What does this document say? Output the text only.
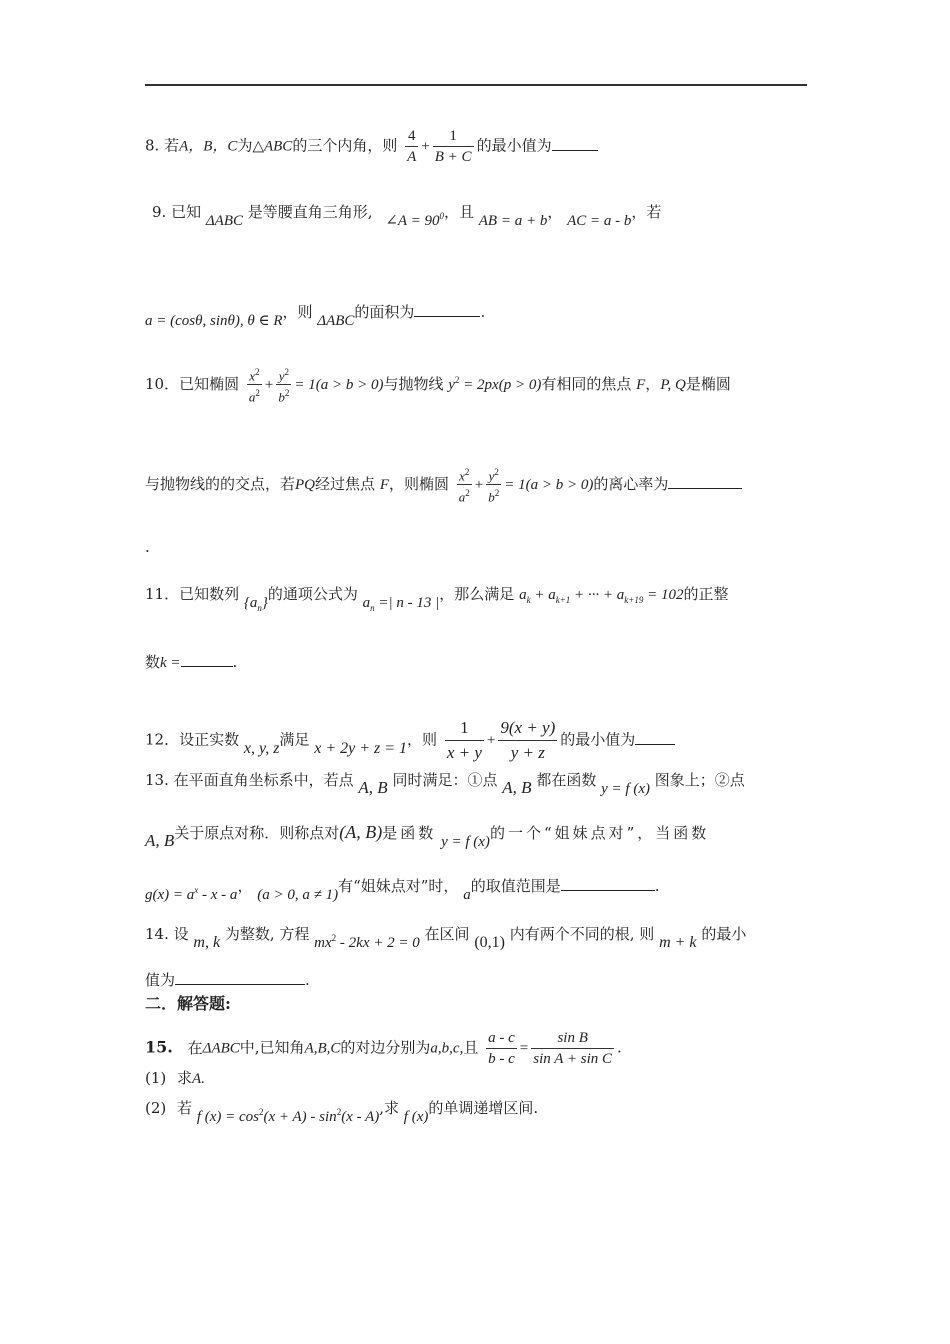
8. 若A，B，C为△ABC的三个内角，则 $\frac{4}{A} + \frac{1}{B + C}$ 的最小值为
9. 已知 ΔABC 是等腰直角三角形, ∠A = $90^0$，且 AB = a + b， AC = a - b，若
a = (cosθ, sinθ), θ ∈ R，则 ΔABC的面积为	.
10．已知椭圆 $\frac{x^2}{a^2} + \frac{y^2}{b^2} = 1(a > b > 0)$与抛物线 $y^2 = 2px(p > 0)$有相同的焦点 F，P, Q是椭圆
与抛物线的的交点，若PQ经过焦点 F，则椭圆 $\frac{x^2}{a^2} + \frac{y^2}{b^2} = 1(a > b > 0)$的离心率为
.
11．已知数列 $\{a_n\}$的通项公式为 $a_n$ =| n - 13 |，那么满足 $a_k + a_{k+1}$ + ··· + $a_{k+19} = 102$的正整
数k =	.
12．设正实数 x, y, z满足 x + 2y + z = 1，则 $\frac{1}{x + y} + \frac{9(x + y)}{y + z}$ 的最小值为
13. 在平面直角坐标系中，若点 A, B 同时满足：①点 A, B 都在函数 y = f (x) 图象上；②点
A, B关于原点对称．则称点对(A, B)是函数 y = f (x)的一个“姐妹点对”，当函数
$g(x) = a^x - x - a$， (a > 0, a ≠ 1)有“姐妹点对”时， a的取值范围是	.
14. 设 m, k 为整数, 方程 $mx^2 - 2kx + 2 = 0$ 在区间 (0,1) 内有两个不同的根, 则 m + k 的最小
值为	.
二．解答题:
15. 在ΔABC中,已知角A,B,C的对边分别为a,b,c,且 $\frac{a - c}{b - c} = \frac{\text{sin B}}{\text{sin A + sin C}}$ .
(1) 求A.
(2) 若 f $(x) = \cos^2(x + A) - \sin^2(x - A)$,求 f (x)的单调递增区间.
